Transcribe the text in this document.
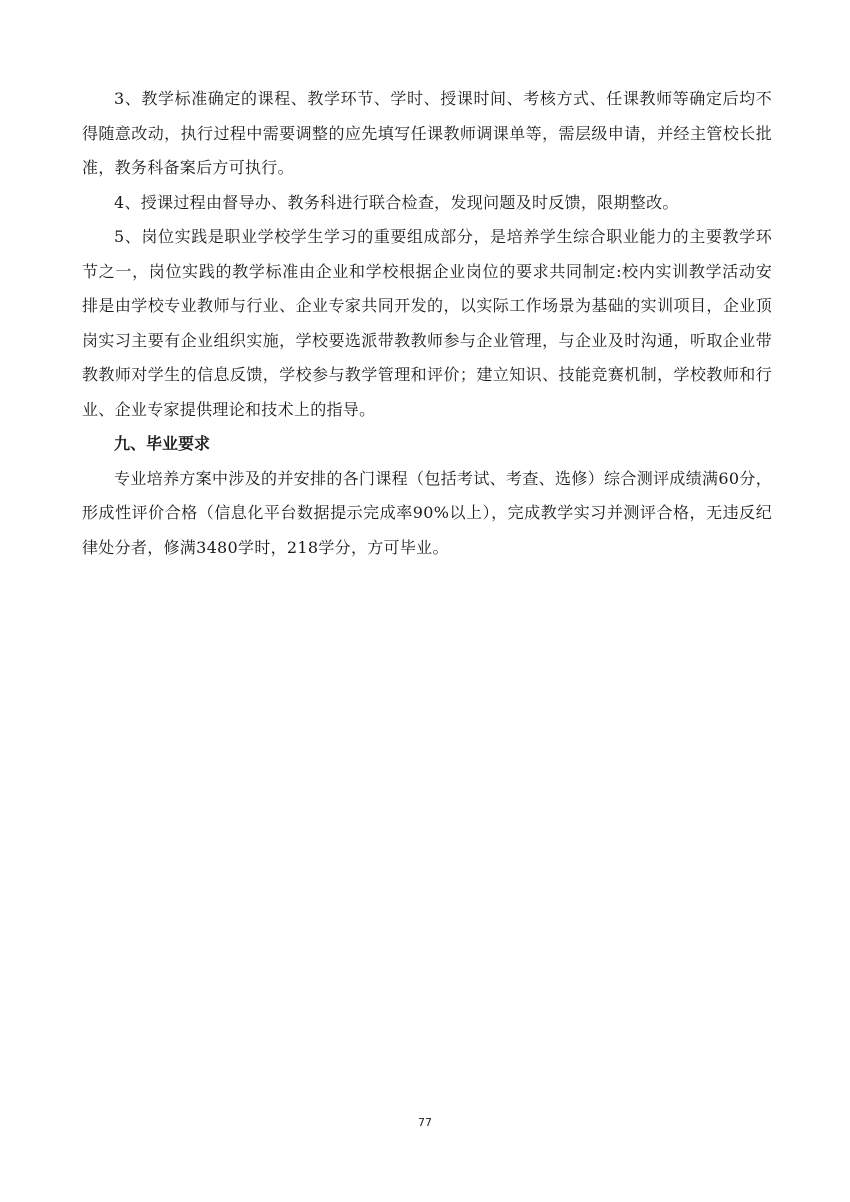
3、教学标准确定的课程、教学环节、学时、授课时间、考核方式、任课教师等确定后均不得随意改动，执行过程中需要调整的应先填写任课教师调课单等，需层级申请，并经主管校长批准，教务科备案后方可执行。

4、授课过程由督导办、教务科进行联合检查，发现问题及时反馈，限期整改。

5、岗位实践是职业学校学生学习的重要组成部分，是培养学生综合职业能力的主要教学环节之一，岗位实践的教学标准由企业和学校根据企业岗位的要求共同制定:校内实训教学活动安排是由学校专业教师与行业、企业专家共同开发的，以实际工作场景为基础的实训项目，企业顶岗实习主要有企业组织实施，学校要选派带教教师参与企业管理，与企业及时沟通，听取企业带教教师对学生的信息反馈，学校参与教学管理和评价；建立知识、技能竞赛机制，学校教师和行业、企业专家提供理论和技术上的指导。

九、毕业要求

专业培养方案中涉及的并安排的各门课程（包括考试、考查、选修）综合测评成绩满60分，形成性评价合格（信息化平台数据提示完成率90%以上），完成教学实习并测评合格，无违反纪律处分者，修满3480学时，218学分，方可毕业。

77
